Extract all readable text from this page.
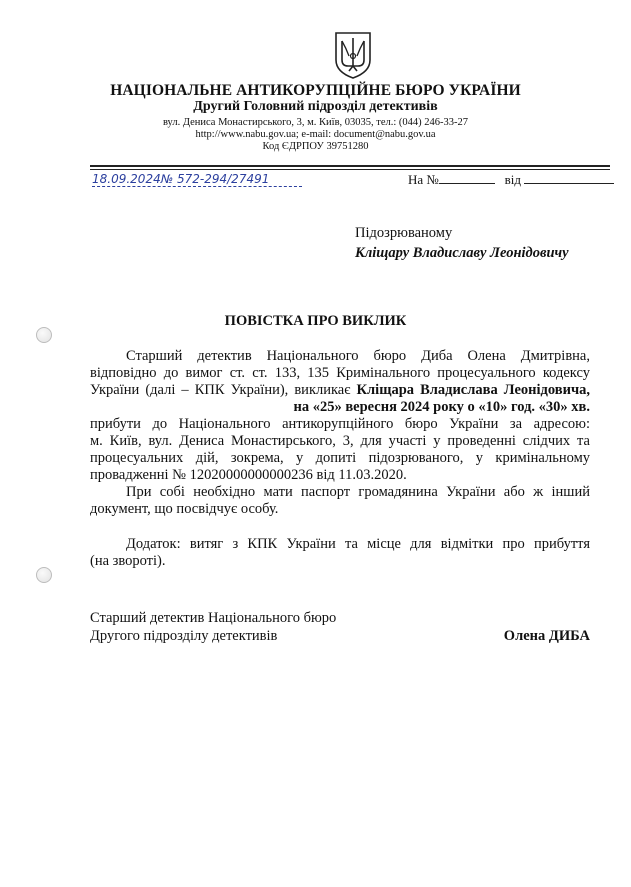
НАЦІОНАЛЬНЕ АНТИКОРУПЦІЙНЕ БЮРО УКРАЇНИ
Другий Головний підрозділ детективів
вул. Дениса Монастирського, 3, м. Київ, 03035, тел.: (044) 246-33-27
http://www.nabu.gov.ua; e-mail: document@nabu.gov.ua
Код ЄДРПОУ 39751280
18.09.2024№ 572-294/27491	На №	від
Підозрюваному
Кліщару Владиславу Леонідовичу
ПОВІСТКА ПРО ВИКЛИК
Старший детектив Національного бюро Диба Олена Дмитрівна,
відповідно до вимог ст. ст. 133, 135 Кримінального процесуального кодексу
України (далі – КПК України), викликає Кліщара Владислава Леонідовича,
на «25» вересня 2024 року о «10» год. «30» хв.
прибути до Національного антикорупційного бюро України за адресою:
м. Київ, вул. Дениса Монастирського, 3, для участі у проведенні слідчих та
процесуальних дій, зокрема, у допиті підозрюваного, у кримінальному
провадженні № 12020000000000236 від 11.03.2020.
При собі необхідно мати паспорт громадянина України або ж інший
документ, що посвідчує особу.
Додаток: витяг з КПК України та місце для відмітки про прибуття
(на звороті).
Старший детектив Національного бюро
Другого підрозділу детективів	Олена ДИБА
